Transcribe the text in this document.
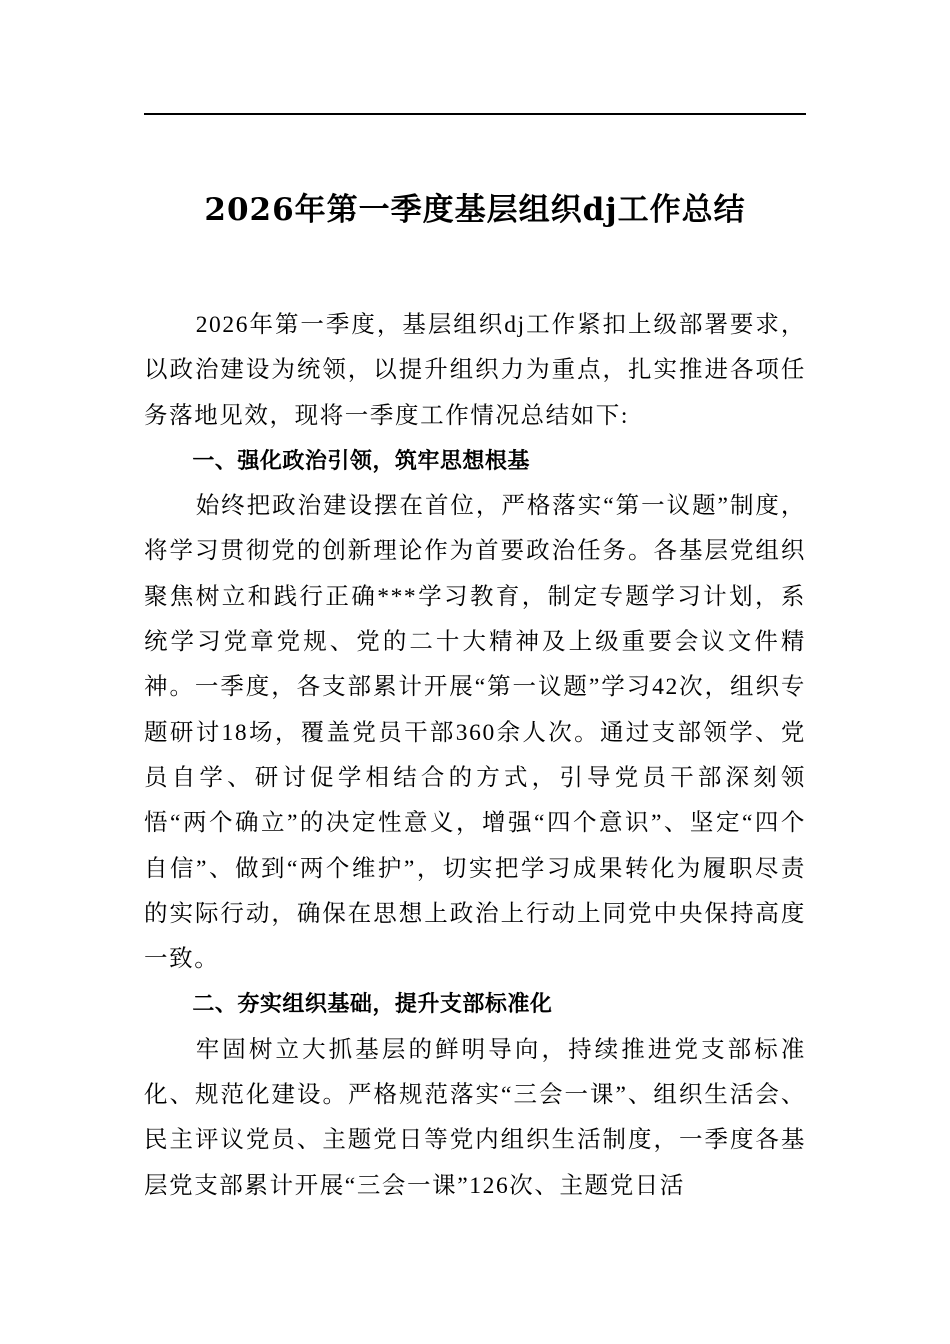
2026年第一季度基层组织dj工作总结

2026年第一季度，基层组织dj工作紧扣上级部署要求，以政治建设为统领，以提升组织力为重点，扎实推进各项任务落地见效，现将一季度工作情况总结如下:

一、强化政治引领，筑牢思想根基

始终把政治建设摆在首位，严格落实“第一议题”制度，将学习贯彻党的创新理论作为首要政治任务。各基层党组织聚焦树立和践行正确***学习教育，制定专题学习计划，系统学习党章党规、党的二十大精神及上级重要会议文件精神。一季度，各支部累计开展“第一议题”学习42次，组织专题研讨18场，覆盖党员干部360余人次。通过支部领学、党员自学、研讨促学相结合的方式，引导党员干部深刻领悟“两个确立”的决定性意义，增强“四个意识”、坚定“四个自信”、做到“两个维护”，切实把学习成果转化为履职尽责的实际行动，确保在思想上政治上行动上同党中央保持高度一致。

二、夯实组织基础，提升支部标准化

牢固树立大抓基层的鲜明导向，持续推进党支部标准化、规范化建设。严格规范落实“三会一课”、组织生活会、民主评议党员、主题党日等党内组织生活制度，一季度各基层党支部累计开展“三会一课”126次、主题党日活
